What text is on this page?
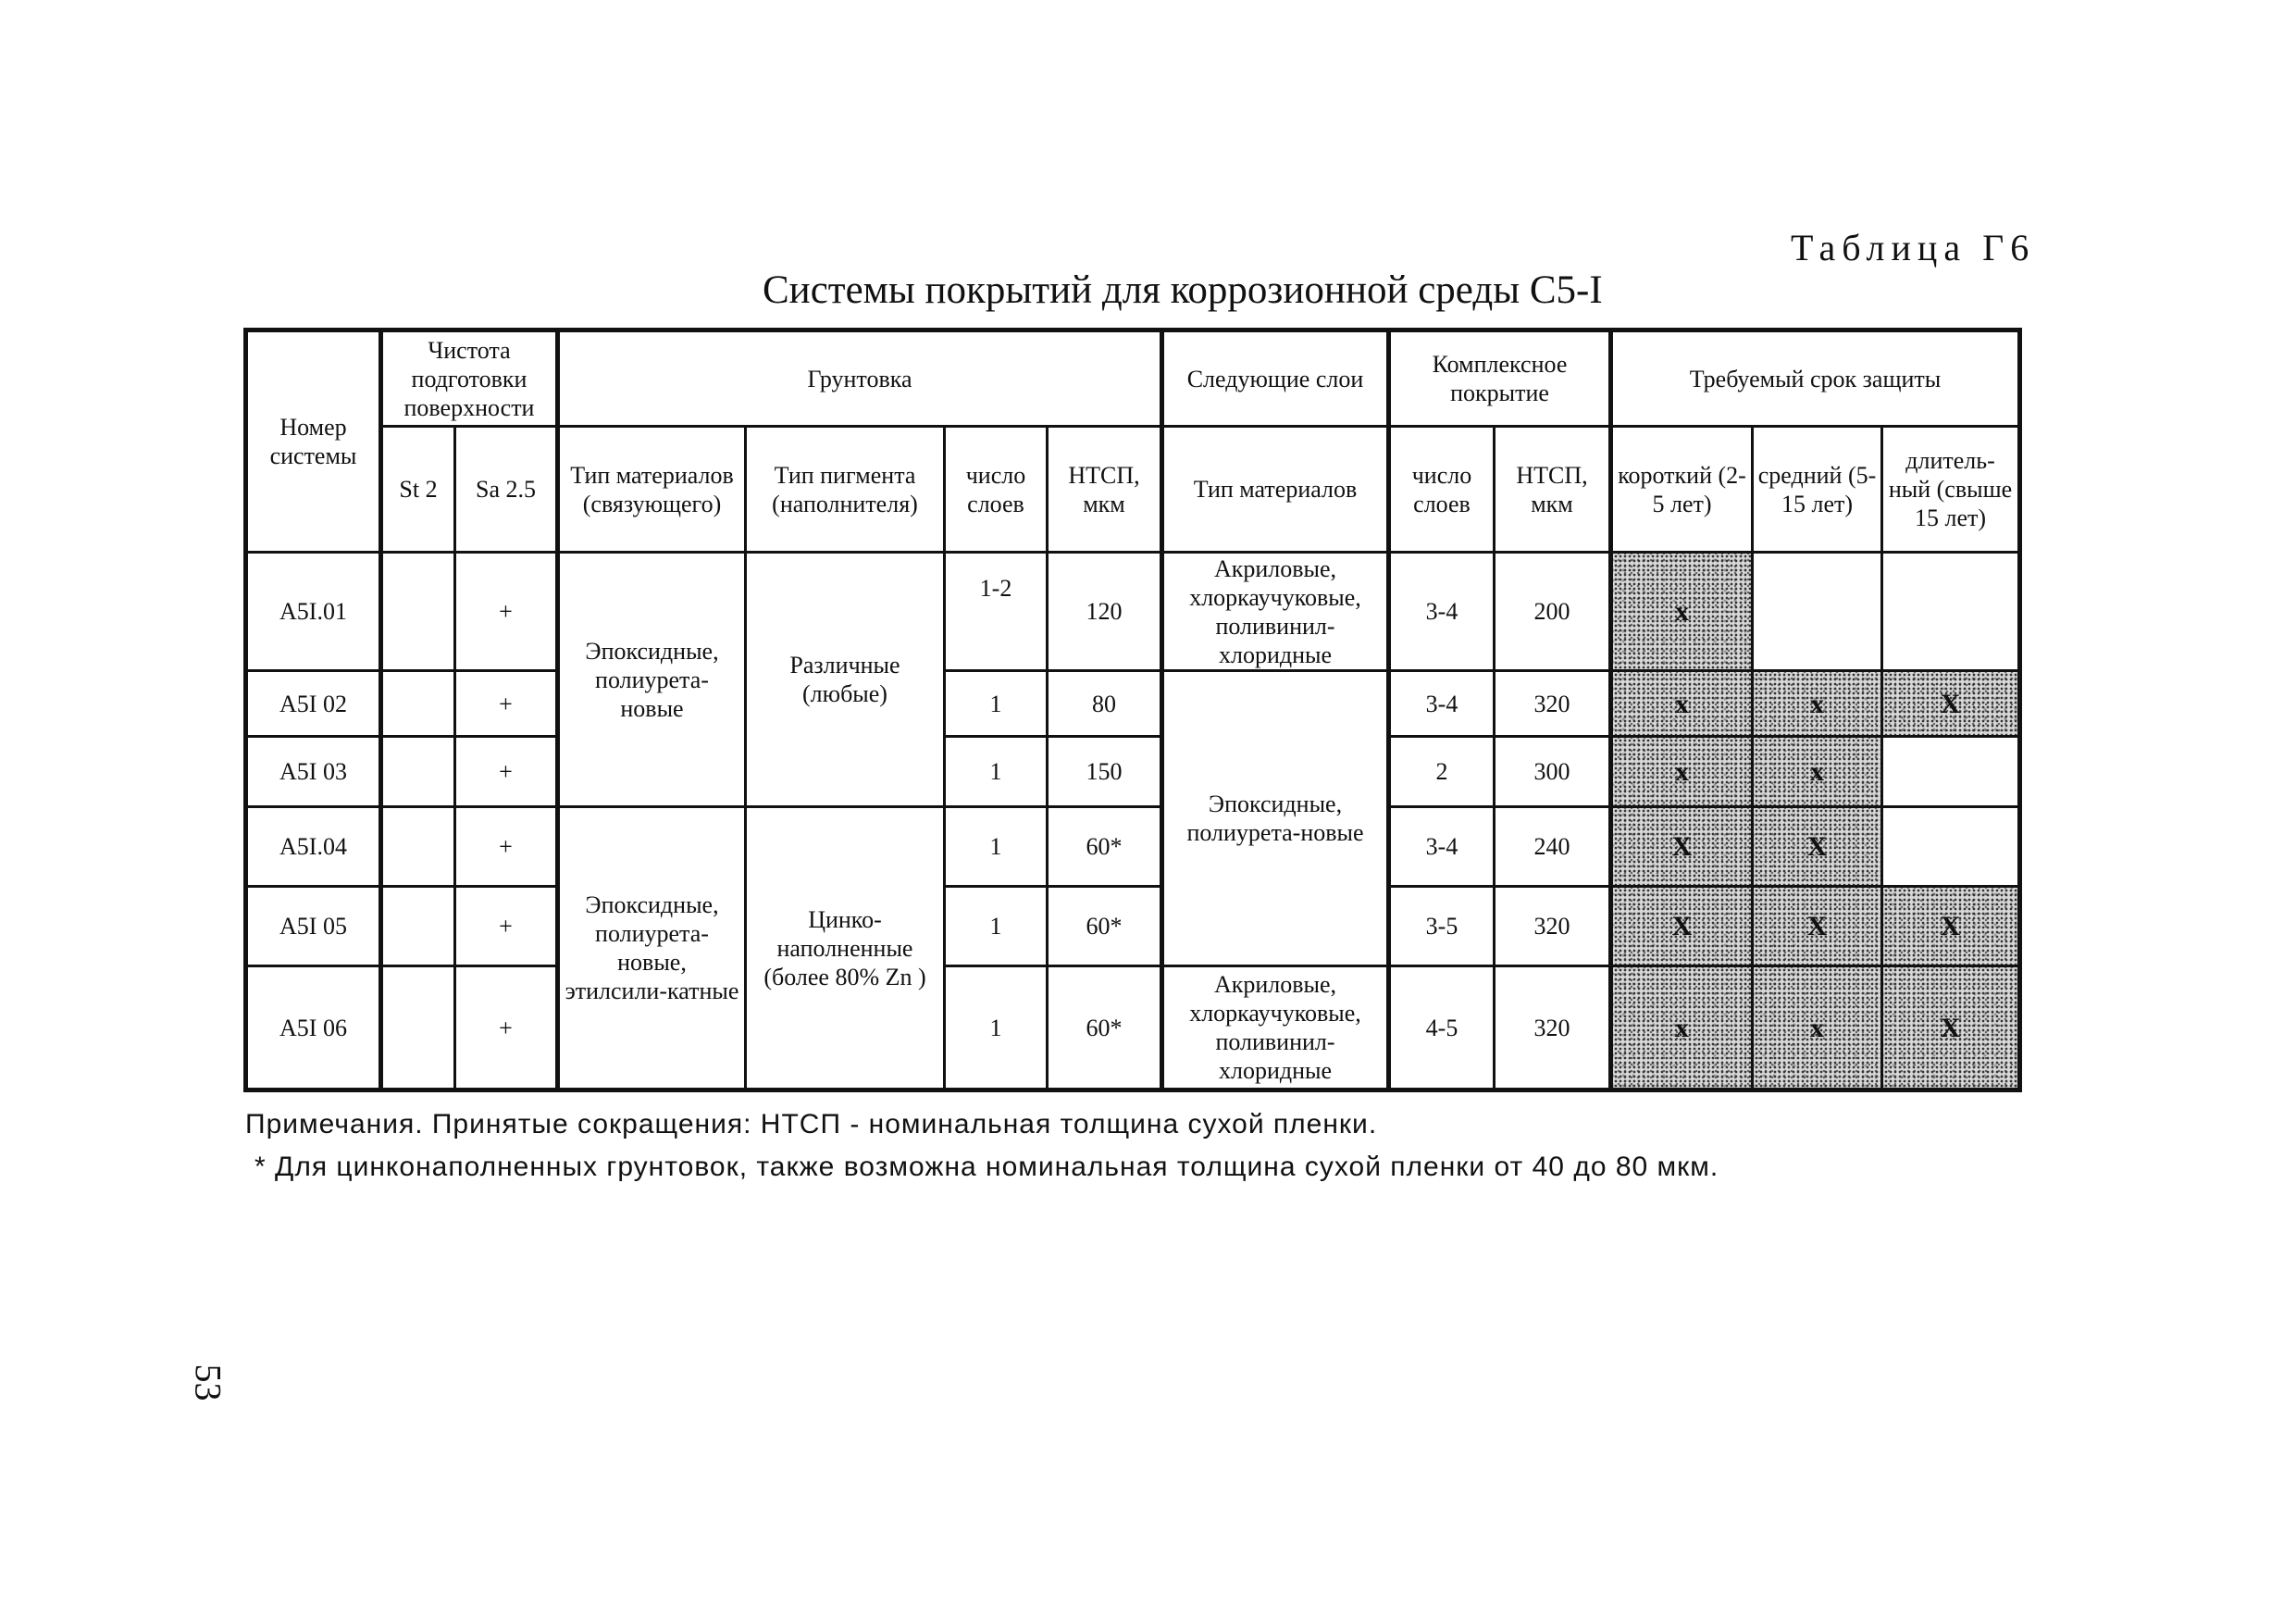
Таблица Г6
Системы покрытий для коррозионной среды С5-I
Номер системы	Чистота подготовки поверхности		Грунтовка				Следующие слои	Комплексное покрытие		Требуемый срок защиты		
	St 2	Sa 2.5	Тип материалов (связующего)	Тип пигмента (наполнителя)	число слоев	НТСП, мкм	Тип материалов	число слоев	НТСП, мкм	короткий (2-5 лет)	средний (5-15 лет)	длитель-ный (свыше 15 лет)
A5I.01		+	Эпоксидные, полиурета-новые	Различные (любые)	1-2	120	Акриловые, хлоркаучуковые, поливинил-хлоридные	3-4	200	x		
A5I 02		+			1	80	Эпоксидные, полиурета-новые	3-4	320	x	x	X
A5I 03		+			1	150		2	300	x	x	
A5I.04		+	Эпоксидные, полиурета-новые, этилсили-катные	Цинко-наполненные (более 80% Zn )	1	60*		3-4	240	X	X	
A5I 05		+			1	60*		3-5	320	X	X	X
A5I 06		+			1	60*	Акриловые, хлоркаучуковые, поливинил-хлоридные	4-5	320	x	x	X
Примечания. Принятые сокращения: НТСП - номинальная толщина сухой пленки.
* Для цинконаполненных грунтовок, также возможна номинальная толщина сухой пленки от 40 до 80 мкм.
53
